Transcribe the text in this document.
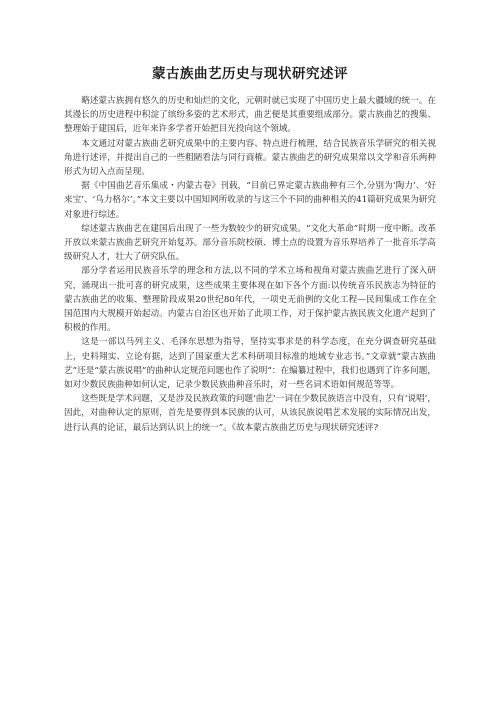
蒙古族曲艺历史与现状研究述评

略述蒙古族拥有悠久的历史和灿烂的文化，元朝时就已实现了中国历史上最大疆域的统一。在其漫长的历史进程中积淀了缤纷多姿的艺术形式，曲艺便是其重要组成部分。蒙古族曲艺的搜集、整理始于建国后，近年来许多学者开始把目光投向这个领域。

本文通过对蒙古族曲艺研究成果中的主要内容、特点进行梳理，结合民族音乐学研究的相关视角进行述评，并提出自己的一些粗陋看法与同行商榷。蒙古族曲艺的研究成果常以文学和音乐两种形式为切入点而呈现。

据《中国曲艺音乐集成・内蒙古卷》刊载，“目前已界定蒙古族曲种有三个,分别为‘陶力’、‘好来宝’、‘乌力格尔’。”本文主要以中国知网所收录的与这三个不同的曲种相关的41篇研究成果为研究对象进行综述。

综述蒙古族曲艺在建国后出现了一些为数较少的研究成果。“文化大革命”时期一度中断。改革开放以来蒙古族曲艺研究开始复苏。部分音乐院校硕、博士点的设置为音乐界培养了一批音乐学高级研究人才，壮大了研究队伍。

部分学者运用民族音乐学的理念和方法,以不同的学术立场和视角对蒙古族曲艺进行了深入研究，涌现出一批可喜的研究成果，这些成果主要体现在如下各个方面:以传统音乐民族志为特征的蒙古族曲艺的收集、整理阶段成果20世纪80年代，一项史无前例的文化工程—民间集成工作在全国范围内大规模开始起动。内蒙古自治区也开始了此项工作，对于保护蒙古族民族文化遗产起到了积极的作用。

这是一部以马列主义、毛泽东思想为指导，坚持实事求是的科学态度，在充分调查研究基础上，史料翔实、立论有据，达到了国家重大艺术科研项目标准的地域专业志书。”文章就“蒙古族曲艺”还是“蒙古族说唱”的曲种认定规范问题也作了说明“：在编纂过程中，我们也遇到了许多问题，如对少数民族曲种如何认定，记录少数民族曲种音乐时，对一些名词术语如何规范等等。

这些既是学术问题，又是涉及民族政策的问题‘曲艺’一词在少数民族语言中没有，只有‘说唱’，因此，对曲种认定的原则，首先是要得到本民族的认可，从该民族说唱艺术发展的实际情况出发，进行认真的论证，最后达到认识上的统一”。《故本蒙古族曲艺历史与现状研究述评?
